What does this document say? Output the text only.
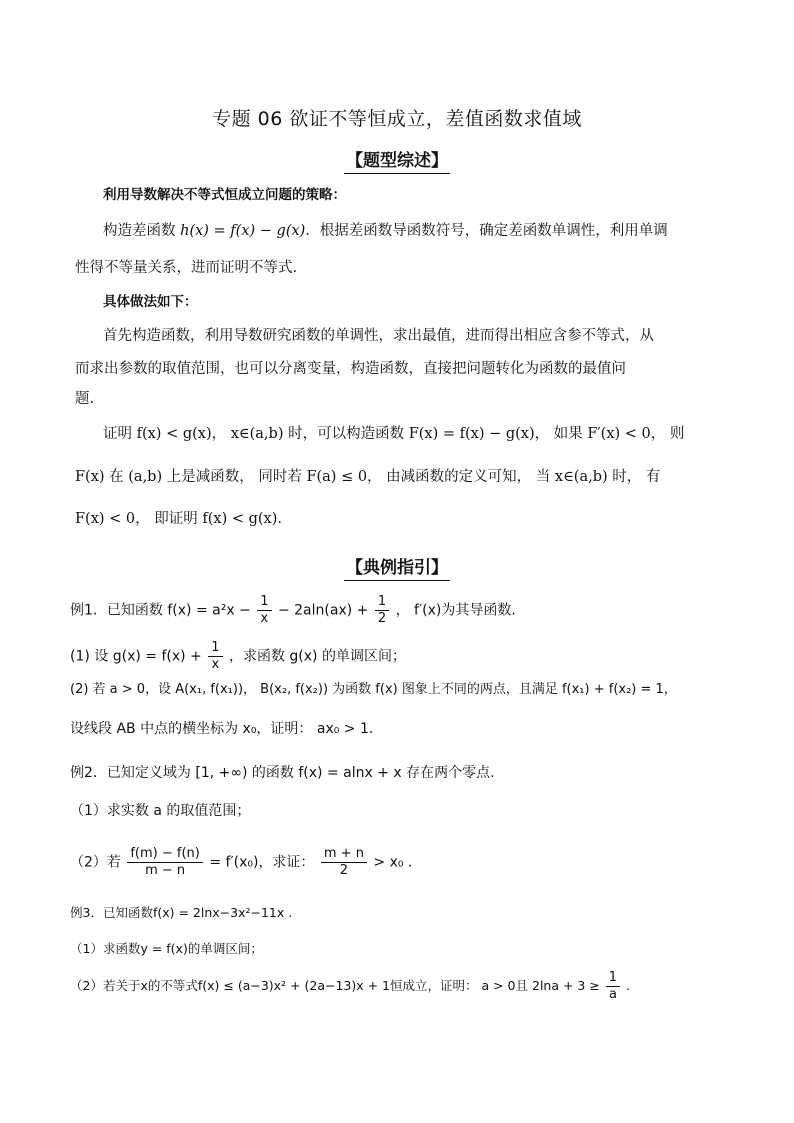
专题 06 欲证不等恒成立，差值函数求值域
【题型综述】
利用导数解决不等式恒成立问题的策略：
构造差函数 h(x) = f(x) − g(x)．根据差函数导函数符号，确定差函数单调性，利用单调
性得不等量关系，进而证明不等式.
具体做法如下：
首先构造函数，利用导数研究函数的单调性，求出最值，进而得出相应含参不等式，从
而求出参数的取值范围，也可以分离变量，构造函数，直接把问题转化为函数的最值问
题.
证明 f(x) < g(x)， x∈(a,b) 时，可以构造函数 F(x) = f(x) − g(x)， 如果 F′(x) < 0， 则
F(x) 在 (a,b) 上是减函数， 同时若 F(a) ≤ 0， 由减函数的定义可知， 当 x∈(a,b) 时， 有
F(x) < 0， 即证明 f(x) < g(x).
【典例指引】
例1．已知函数 $f(x) = a^2x - \frac{1}{x} - 2aln(ax) + \frac{1}{2}$ ， f′(x)为其导函数.
(1) 设 $g(x) = f(x) + \frac{1}{x}$ ，求函数 g(x) 的单调区间；
(2) 若 a > 0，设 A(x₁, f(x₁))， B(x₂, f(x₂)) 为函数 f(x) 图象上不同的两点，且满足 f(x₁) + f(x₂) = 1，
设线段 AB 中点的横坐标为 x₀，证明： ax₀ > 1.
例2．已知定义域为 [1, +∞) 的函数 f(x) = alnx + x 存在两个零点.
（1）求实数 a 的取值范围；
（2）若 $\frac{f(m) - f(n)}{m - n} = f'(x_0)$，求证： $\frac{m + n}{2} > x_0$ .
例3．已知函数f(x) = 2lnx−3x²−11x .
（1）求函数y = f(x)的单调区间；
（2）若关于x的不等式f(x) ≤ (a−3)x² + (2a−13)x + 1恒成立，证明： a > 0且 $2\ln a + 3 \ge \frac{1}{a}$ .
